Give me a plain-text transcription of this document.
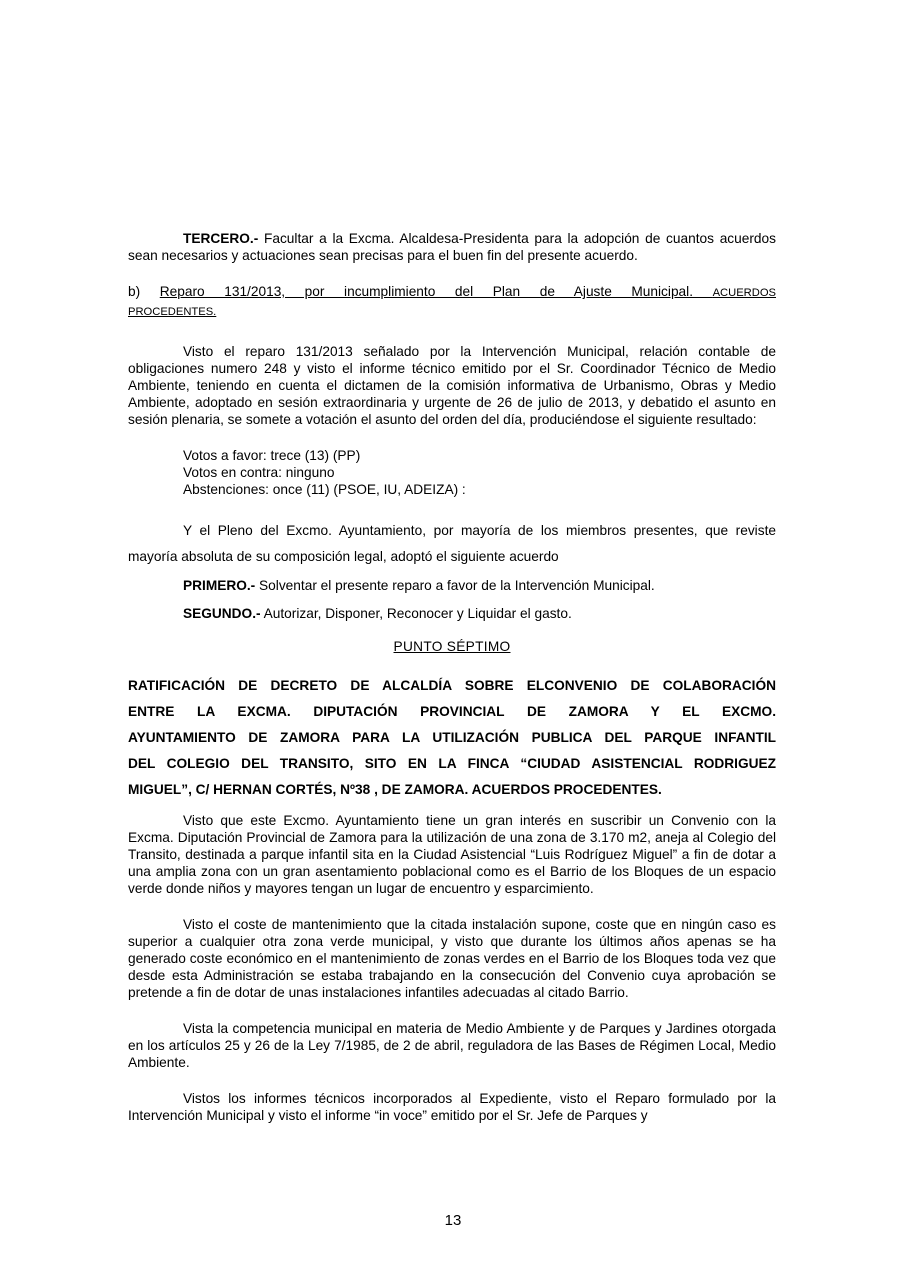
TERCERO.- Facultar a la Excma. Alcaldesa-Presidenta para la adopción de cuantos acuerdos sean necesarios y actuaciones sean precisas para el buen fin del presente acuerdo.

b) Reparo 131/2013, por incumplimiento del Plan de Ajuste Municipal. ACUERDOS
PROCEDENTES.

Visto el reparo 131/2013 señalado por la Intervención Municipal, relación contable de obligaciones numero 248 y visto el informe técnico emitido por el Sr. Coordinador Técnico de Medio Ambiente, teniendo en cuenta el dictamen de la comisión informativa de Urbanismo, Obras y Medio Ambiente, adoptado en sesión extraordinaria y urgente de 26 de julio de 2013, y debatido el asunto en sesión plenaria, se somete a votación el asunto del orden del día, produciéndose el siguiente resultado:

Votos a favor: trece (13) (PP)
Votos en contra: ninguno
Abstenciones: once (11) (PSOE, IU, ADEIZA) :

Y el Pleno del Excmo. Ayuntamiento, por mayoría de los miembros presentes, que reviste mayoría absoluta de su composición legal, adoptó el siguiente acuerdo

PRIMERO.- Solventar el presente reparo a favor de la Intervención Municipal.

SEGUNDO.- Autorizar, Disponer, Reconocer y Liquidar el gasto.

PUNTO SÉPTIMO

RATIFICACIÓN DE DECRETO DE ALCALDÍA SOBRE ELCONVENIO DE COLABORACIÓN
ENTRE LA EXCMA. DIPUTACIÓN PROVINCIAL DE ZAMORA Y EL EXCMO.
AYUNTAMIENTO DE ZAMORA PARA LA UTILIZACIÓN PUBLICA DEL PARQUE INFANTIL
DEL COLEGIO DEL TRANSITO, SITO EN LA FINCA “CIUDAD ASISTENCIAL RODRIGUEZ
MIGUEL”, C/ HERNAN CORTÉS, Nº38 , DE ZAMORA. ACUERDOS PROCEDENTES.

Visto que este Excmo. Ayuntamiento tiene un gran interés en suscribir un Convenio con la Excma. Diputación Provincial de Zamora para la utilización de una zona de 3.170 m2, aneja al Colegio del Transito, destinada a parque infantil sita en la Ciudad Asistencial “Luis Rodríguez Miguel” a fin de dotar a una amplia zona con un gran asentamiento poblacional como es el Barrio de los Bloques de un espacio verde donde niños y mayores tengan un lugar de encuentro y esparcimiento.

Visto el coste de mantenimiento que la citada instalación supone, coste que en ningún caso es superior a cualquier otra zona verde municipal, y visto que durante los últimos años apenas se ha generado coste económico en el mantenimiento de zonas verdes en el Barrio de los Bloques toda vez que desde esta Administración se estaba trabajando en la consecución del Convenio cuya aprobación se pretende a fin de dotar de unas instalaciones infantiles adecuadas al citado Barrio.

Vista la competencia municipal en materia de Medio Ambiente y de Parques y Jardines otorgada en los artículos 25 y 26 de la Ley 7/1985, de 2 de abril, reguladora de las Bases de Régimen Local, Medio Ambiente.

Vistos los informes técnicos incorporados al Expediente, visto el Reparo formulado por la Intervención Municipal y visto el informe “in voce” emitido por el Sr. Jefe de Parques y

13
